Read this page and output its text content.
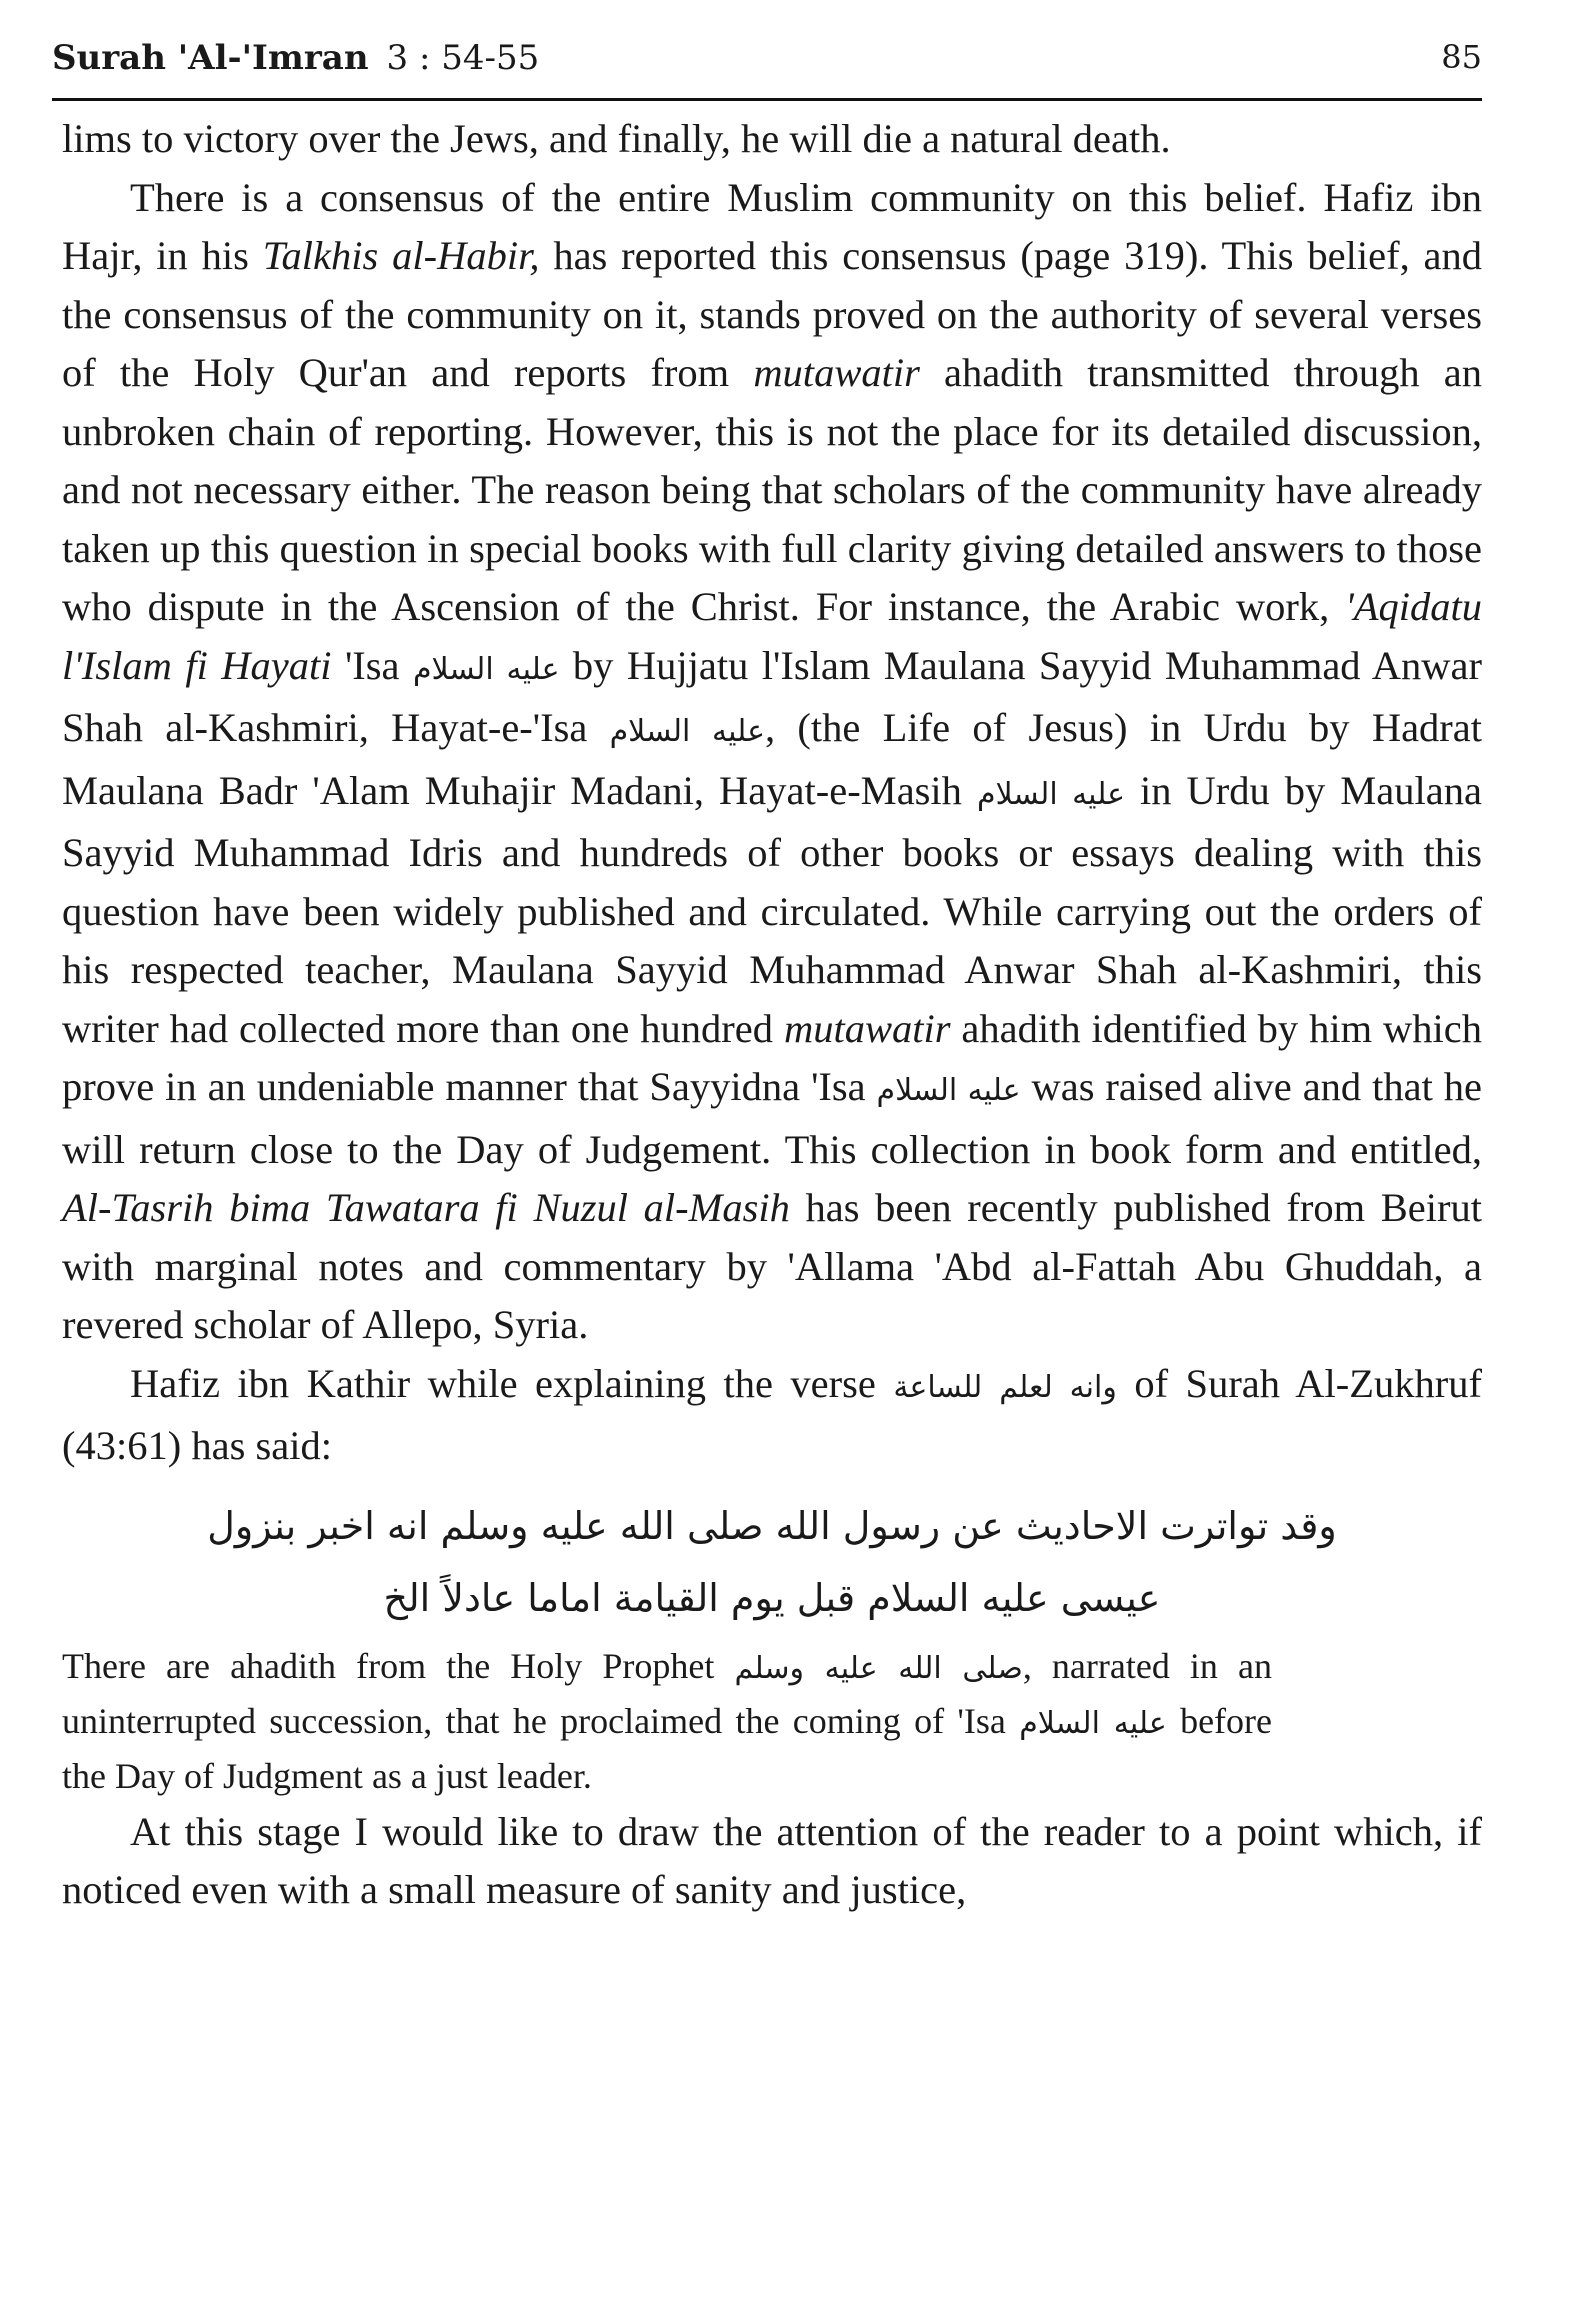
Surah 'Al-'Imran 3 : 54-55	85

lims to victory over the Jews, and finally, he will die a natural death.

There is a consensus of the entire Muslim community on this belief. Hafiz ibn Hajr, in his Talkhis al-Habir, has reported this consensus (page 319). This belief, and the consensus of the community on it, stands proved on the authority of several verses of the Holy Qur'an and reports from mutawatir ahadith transmitted through an unbroken chain of reporting. However, this is not the place for its detailed discussion, and not necessary either. The reason being that scholars of the community have already taken up this question in special books with full clarity giving detailed answers to those who dispute in the Ascension of the Christ. For instance, the Arabic work, 'Aqidatu l'Islam fi Hayati 'Isa عليه السلام by Hujjatu l'Islam Maulana Sayyid Muhammad Anwar Shah al-Kashmiri, Hayat-e-'Isa عليه السلام, (the Life of Jesus) in Urdu by Hadrat Maulana Badr 'Alam Muhajir Madani, Hayat-e-Masih عليه السلام in Urdu by Maulana Sayyid Muhammad Idris and hundreds of other books or essays dealing with this question have been widely published and circulated. While carrying out the orders of his respected teacher, Maulana Sayyid Muhammad Anwar Shah al-Kashmiri, this writer had collected more than one hundred mutawatir ahadith identified by him which prove in an undeniable manner that Sayyidna 'Isa عليه السلام was raised alive and that he will return close to the Day of Judgement. This collection in book form and entitled, Al-Tasrih bima Tawatara fi Nuzul al-Masih has been recently published from Beirut with marginal notes and commentary by 'Allama 'Abd al-Fattah Abu Ghuddah, a revered scholar of Allepo, Syria.

Hafiz ibn Kathir while explaining the verse وانه لعلم للساعة of Surah Al-Zukhruf (43:61) has said:

وقد تواترت الاحاديث عن رسول الله صلى الله عليه وسلم انه اخبر بنزول
عيسى عليه السلام قبل يوم القيامة اماما عادلاً الخ

There are ahadith from the Holy Prophet صلى الله عليه وسلم, narrated in an uninterrupted succession, that he proclaimed the coming of 'Isa عليه السلام before the Day of Judgment as a just leader.

At this stage I would like to draw the attention of the reader to a point which, if noticed even with a small measure of sanity and justice,
